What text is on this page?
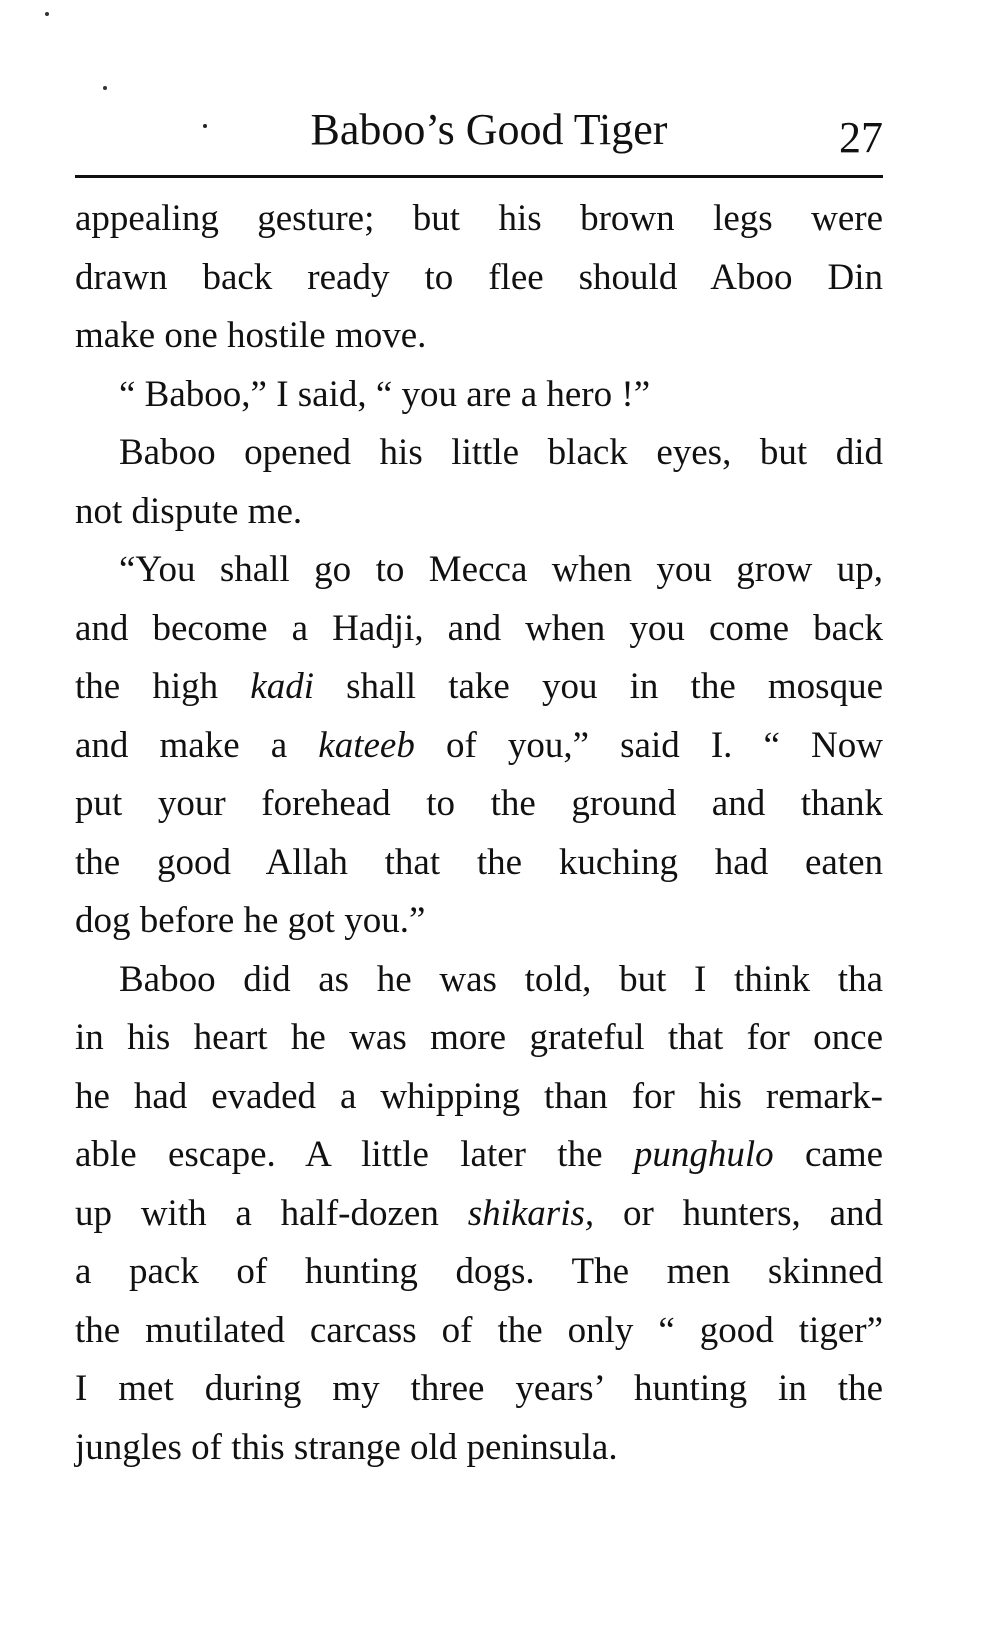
Baboo’s Good Tiger	27
appealing gesture; but his brown legs were
drawn back ready to flee should Aboo Din
make one hostile move.
“ Baboo,” I said, “ you are a hero !”
Baboo opened his little black eyes, but did
not dispute me.
“You shall go to Mecca when you grow up,
and become a Hadji, and when you come back
the high kadi shall take you in the mosque
and make a kateeb of you,” said I. “ Now
put your forehead to the ground and thank
the good Allah that the kuching had eaten
dog before he got you.”
Baboo did as he was told, but I think tha
in his heart he was more grateful that for once
he had evaded a whipping than for his remark-
able escape. A little later the punghulo came
up with a half-dozen shikaris, or hunters, and
a pack of hunting dogs. The men skinned
the mutilated carcass of the only “ good tiger”
I met during my three years’ hunting in the
jungles of this strange old peninsula.
